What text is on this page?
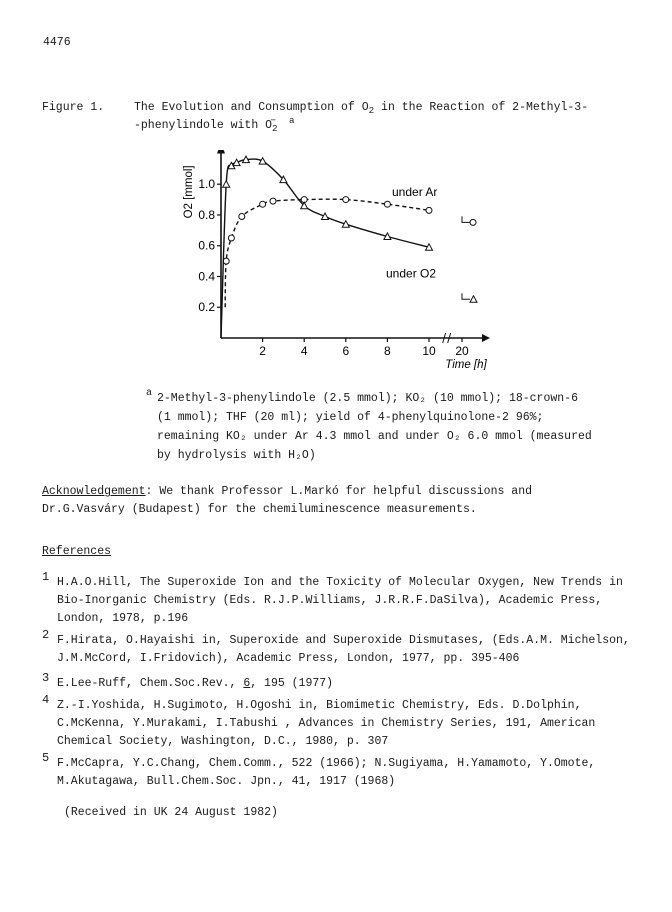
4476
Figure 1.	The Evolution and Consumption of $O_2$ in the Reaction of 2-Methyl-3-
-phenylindole with $O_2^-$ $^a$
0.2
0.4
0.6
0.8
1.0
2	4	6	8	10 20
Time [h]
O2 [mmol]	under Ar
under O2
a 2-Methyl-3-phenylindole (2.5 mmol); KO₂ (10 mmol); 18-crown-6
(1 mmol); THF (20 ml); yield of 4-phenylquinolone-2 96%;
remaining KO₂ under Ar 4.3 mmol and under O₂ 6.0 mmol (measured
by hydrolysis with H₂O)
Acknowledgement: We thank Professor L.Markó for helpful discussions and
Dr.G.Vasváry (Budapest) for the chemiluminescence measurements.
References
1 H.A.O.Hill, The Superoxide Ion and the Toxicity of Molecular Oxygen, New Trends in Bio-Inorganic Chemistry (Eds. R.J.P.Williams, J.R.R.F.DaSilva), Academic Press, London, 1978, p.196
2 F.Hirata, O.Hayaishi in, Superoxide and Superoxide Dismutases, (Eds.A.M. Michelson, J.M.McCord, I.Fridovich), Academic Press, London, 1977, pp. 395-406
3 E.Lee-Ruff, Chem.Soc.Rev., 6, 195 (1977)
4 Z.-I.Yoshida, H.Sugimoto, H.Ogoshi in, Biomimetic Chemistry, Eds. D.Dolphin, C.McKenna, Y.Murakami, I.Tabushi , Advances in Chemistry Series, 191, American Chemical Society, Washington, D.C., 1980, p. 307
5 F.McCapra, Y.C.Chang, Chem.Comm., 522 (1966); N.Sugiyama, H.Yamamoto, Y.Omote, M.Akutagawa, Bull.Chem.Soc. Jpn., 41, 1917 (1968)
(Received in UK 24 August 1982)
